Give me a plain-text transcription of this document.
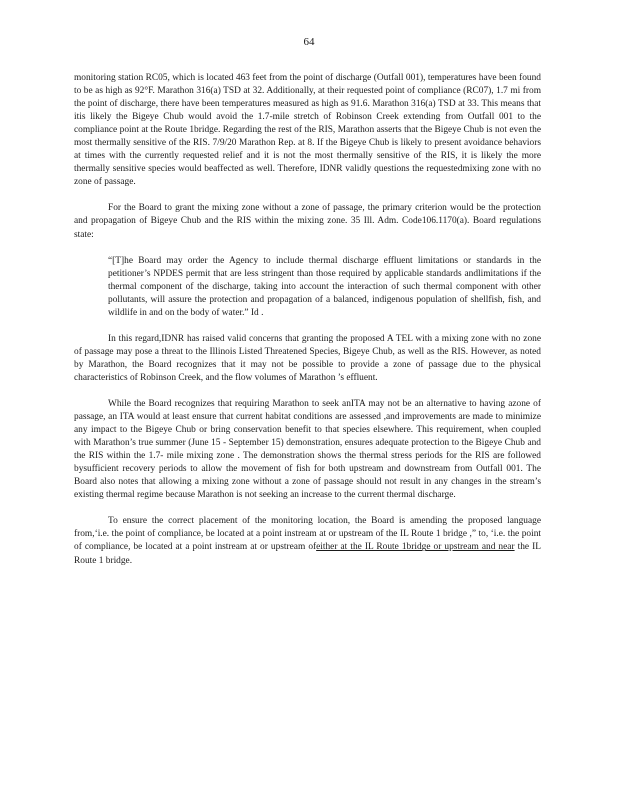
64

monitoring station RC05, which is located 463 feet from the point of discharge (Outfall 001), temperatures have been found to be as high as 92°F. Marathon 316(a) TSD at 32. Additionally, at their requested point of compliance (RC07), 1.7 mi from the point of discharge, there have been temperatures measured as high as 91.6. Marathon 316(a) TSD at 33. This means that itis likely the Bigeye Chub would avoid the 1.7-mile stretch of Robinson Creek extending from Outfall 001 to the compliance point at the Route 1bridge. Regarding the rest of the RIS, Marathon asserts that the Bigeye Chub is not even the most thermally sensitive of the RIS. 7/9/20 Marathon Rep. at 8. If the Bigeye Chub is likely to present avoidance behaviors at times with the currently requested relief and it is not the most thermally sensitive of the RIS, it is likely the more thermally sensitive species would beaffected as well. Therefore, IDNR validly questions the requestedmixing zone with no zone of passage.

For the Board to grant the mixing zone without a zone of passage, the primary criterion would be the protection and propagation of Bigeye Chub and the RIS within the mixing zone. 35 Ill. Adm. Code106.1170(a). Board regulations state:

“[T]he Board may order the Agency to include thermal discharge effluent limitations or standards in the petitioner’s NPDES permit that are less stringent than those required by applicable standards andlimitations if the thermal component of the discharge, taking into account the interaction of such thermal component with other pollutants, will assure the protection and propagation of a balanced, indigenous population of shellfish, fish, and wildlife in and on the body of water.” Id .

In this regard,IDNR has raised valid concerns that granting the proposed A TEL with a mixing zone with no zone of passage may pose a threat to the Illinois Listed Threatened Species, Bigeye Chub, as well as the RIS. However, as noted by Marathon, the Board recognizes that it may not be possible to provide a zone of passage due to the physical characteristics of Robinson Creek, and the flow volumes of Marathon ’s effluent.

While the Board recognizes that requiring Marathon to seek anITA may not be an alternative to having azone of passage, an ITA would at least ensure that current habitat conditions are assessed ,and improvements are made to minimize any impact to the Bigeye Chub or bring conservation benefit to that species elsewhere. This requirement, when coupled with Marathon’s true summer (June 15 - September 15) demonstration, ensures adequate protection to the Bigeye Chub and the RIS within the 1.7- mile mixing zone . The demonstration shows the thermal stress periods for the RIS are followed bysufficient recovery periods to allow the movement of fish for both upstream and downstream from Outfall 001. The Board also notes that allowing a mixing zone without a zone of passage should not result in any changes in the stream’s existing thermal regime because Marathon is not seeking an increase to the current thermal discharge.

To ensure the correct placement of the monitoring location, the Board is amending the proposed language from,‘i.e. the point of compliance, be located at a point instream at or upstream of the IL Route 1 bridge ,” to, ‘i.e. the point of compliance, be located at a point instream at or upstream ofeither at the IL Route 1bridge or upstream and near the IL Route 1 bridge.
